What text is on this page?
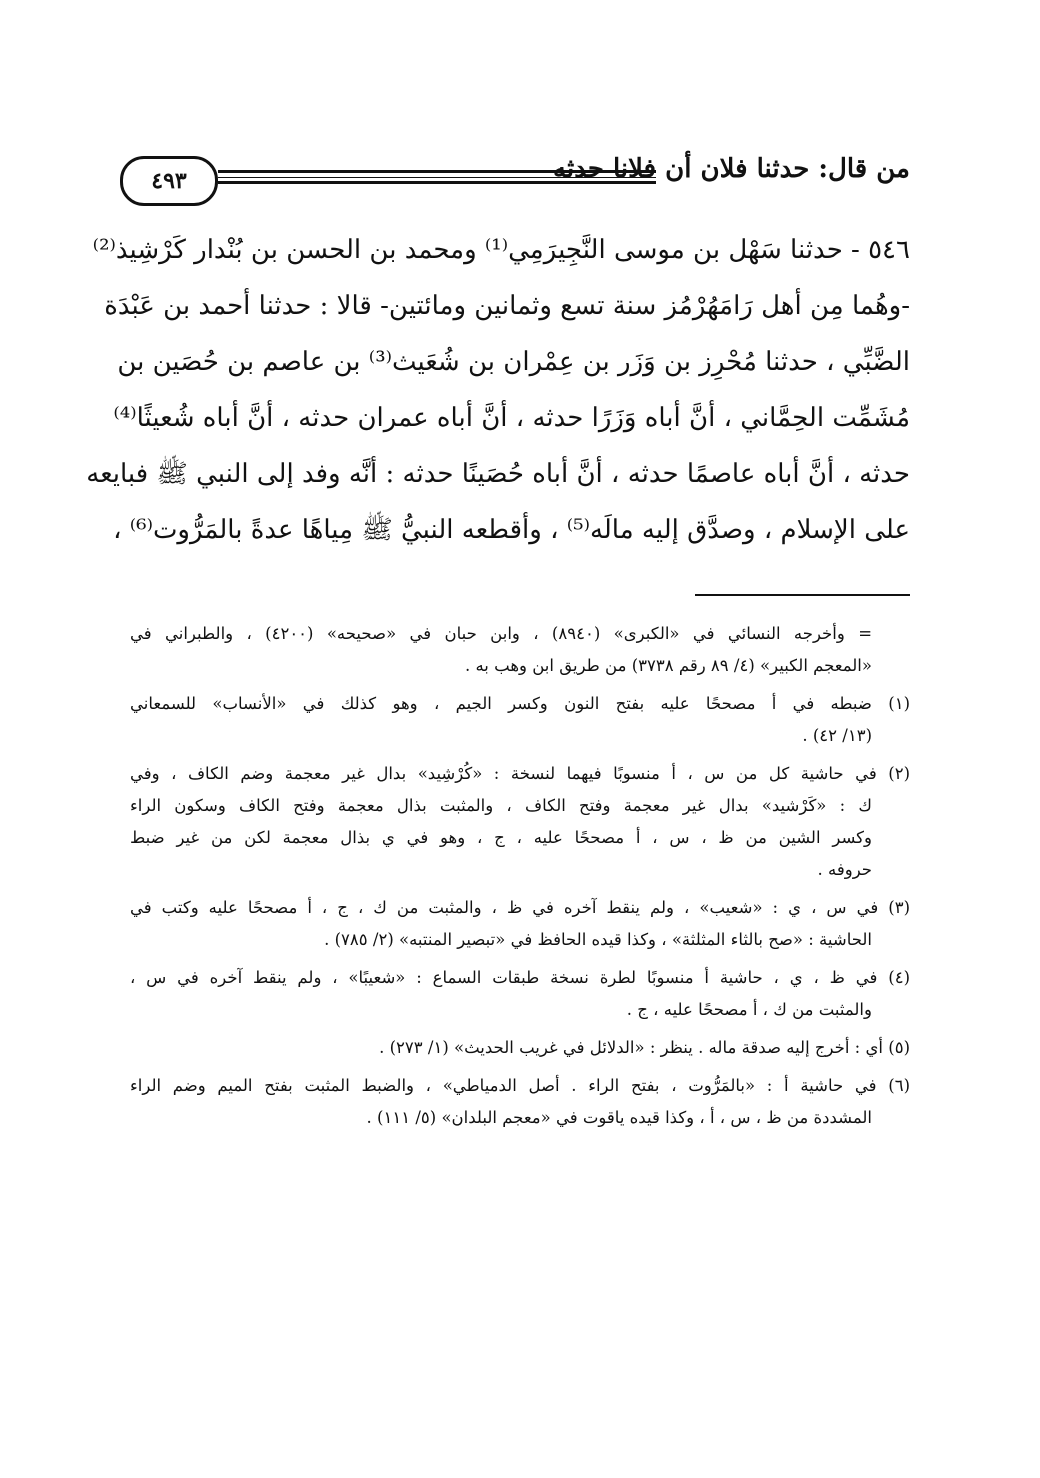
٤٩٣	من قال: حدثنا فلان أن فلانا حدثه
٥٤٦ - حدثنا سَهْل بن موسى النَّجِيرَمِي⁽¹⁾ ومحمد بن الحسن بن بُنْدار كَرْشِيذ⁽²⁾
-وهُما مِن أهل رَامَهُرْمُز سنة تسع وثمانين ومائتين- قالا : حدثنا أحمد بن عَبْدَة
الضَّبِّي ، حدثنا مُحْرِز بن وَزَر بن عِمْران بن شُعَيث⁽³⁾ بن عاصم بن حُصَين بن
مُشَمِّت الحِمَّاني ، أنَّ أباه وَزَرًا حدثه ، أنَّ أباه عمران حدثه ، أنَّ أباه شُعيثًا⁽⁴⁾
حدثه ، أنَّ أباه عاصمًا حدثه ، أنَّ أباه حُصَينًا حدثه : أنَّه وفد إلى النبي ﷺ فبايعه
على الإسلام ، وصدَّق إليه مالَه⁽⁵⁾ ، وأقطعه النبيُّ ﷺ مِياهًا عدةً بالمَرُّوت⁽⁶⁾ ،
= وأخرجه النسائي في «الكبرى» (٨٩٤٠) ، وابن حبان في «صحيحه» (٤٢٠٠) ، والطبراني في
«المعجم الكبير» (٤/ ٨٩ رقم ٣٧٣٨) من طريق ابن وهب به .
(١) ضبطه في أ مصححًا عليه بفتح النون وكسر الجيم ، وهو كذلك في «الأنساب» للسمعاني
(١٣/ ٤٢) .
(٢) في حاشية كل من س ، أ منسوبًا فيهما لنسخة : «كُرْشِيد» بدال غير معجمة وضم الكاف ، وفي
ك : «كَرْشيد» بدال غير معجمة وفتح الكاف ، والمثبت بذال معجمة وفتح الكاف وسكون الراء
وكسر الشين من ظ ، س ، أ مصححًا عليه ، ج ، وهو في ي بذال معجمة لكن من غير ضبط
حروفه .
(٣) في س ، ي : «شعيب» ، ولم ينقط آخره في ظ ، والمثبت من ك ، ج ، أ مصححًا عليه وكتب في
الحاشية : «صح بالثاء المثلثة» ، وكذا قيده الحافظ في «تبصير المنتبه» (٢/ ٧٨٥) .
(٤) في ظ ، ي ، حاشية أ منسوبًا لطرة نسخة طبقات السماع : «شعيبًا» ، ولم ينقط آخره في س ،
والمثبت من ك ، أ مصححًا عليه ، ج .
(٥) أي : أخرج إليه صدقة ماله . ينظر : «الدلائل في غريب الحديث» (١/ ٢٧٣) .
(٦) في حاشية أ : «بالمَرُّوت ، بفتح الراء . أصل الدمياطي» ، والضبط المثبت بفتح الميم وضم الراء
المشددة من ظ ، س ، أ ، وكذا قيده ياقوت في «معجم البلدان» (٥/ ١١١) .
